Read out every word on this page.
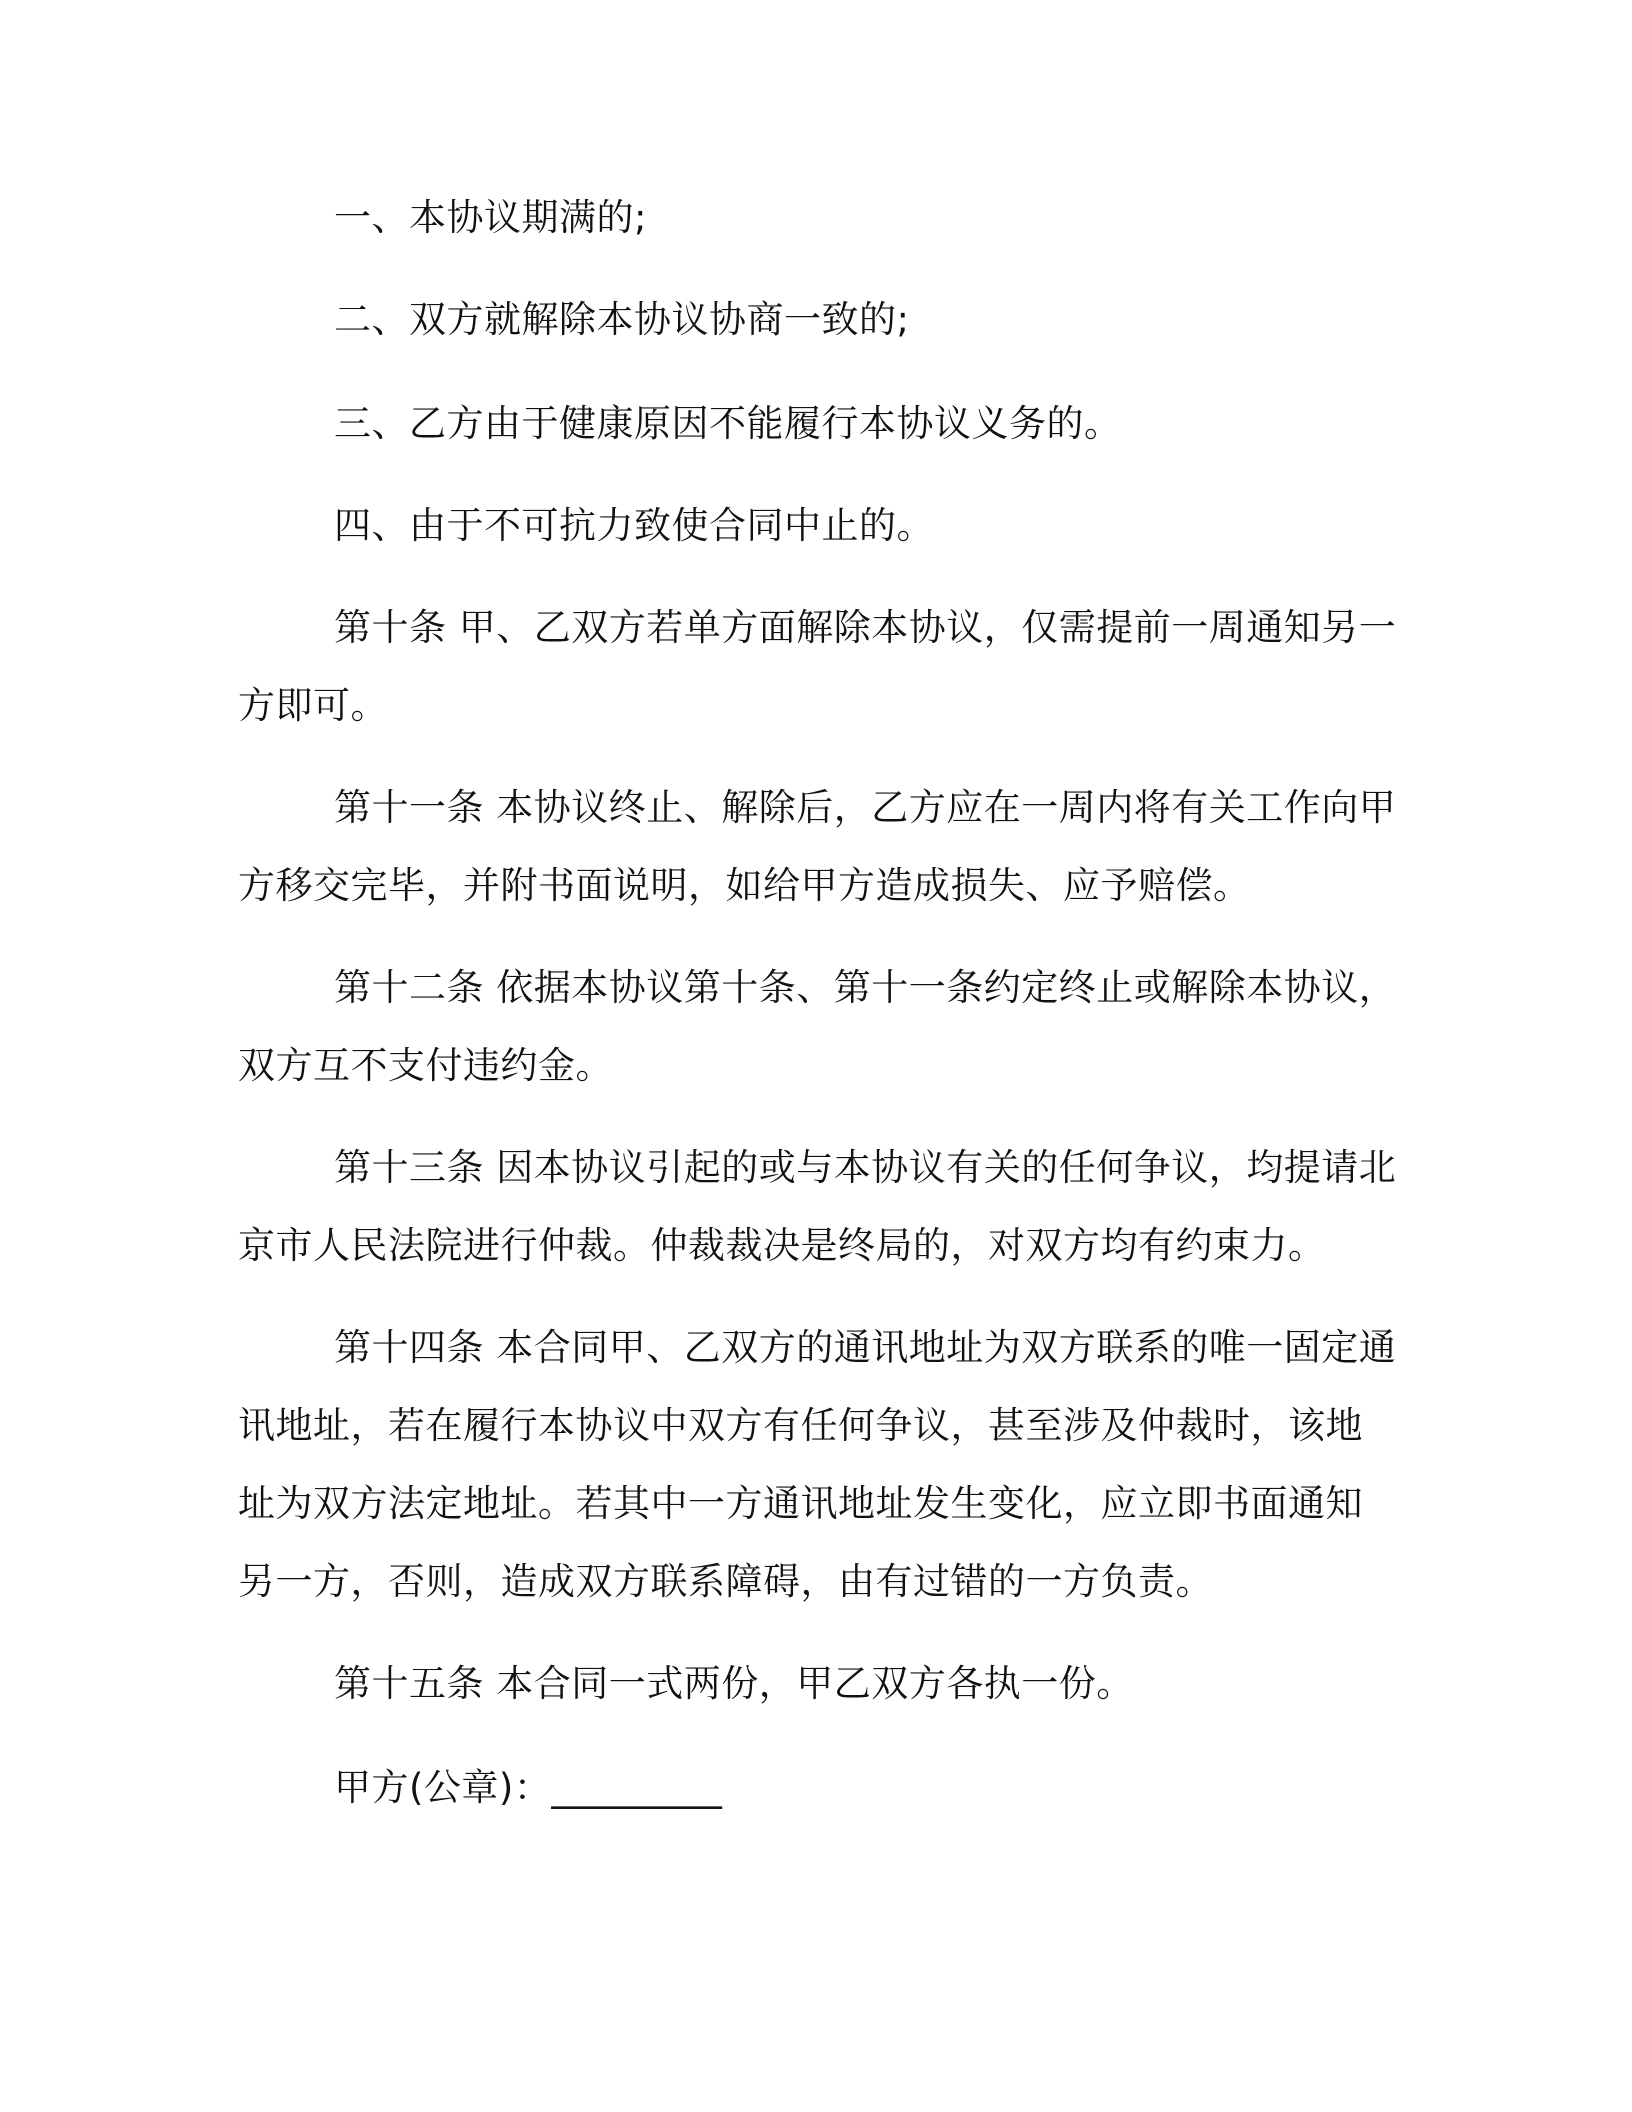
一、本协议期满的;
二、双方就解除本协议协商一致的;
三、乙方由于健康原因不能履行本协议义务的。
四、由于不可抗力致使合同中止的。
第十条 甲、乙双方若单方面解除本协议，仅需提前一周通知另一
方即可。
第十一条 本协议终止、解除后，乙方应在一周内将有关工作向甲
方移交完毕，并附书面说明，如给甲方造成损失、应予赔偿。
第十二条 依据本协议第十条、第十一条约定终止或解除本协议，
双方互不支付违约金。
第十三条 因本协议引起的或与本协议有关的任何争议，均提请北
京市人民法院进行仲裁。仲裁裁决是终局的，对双方均有约束力。
第十四条 本合同甲、乙双方的通讯地址为双方联系的唯一固定通
讯地址，若在履行本协议中双方有任何争议，甚至涉及仲裁时，该地
址为双方法定地址。若其中一方通讯地址发生变化，应立即书面通知
另一方，否则，造成双方联系障碍，由有过错的一方负责。
第十五条 本合同一式两份，甲乙双方各执一份。
甲方(公章)：_________
